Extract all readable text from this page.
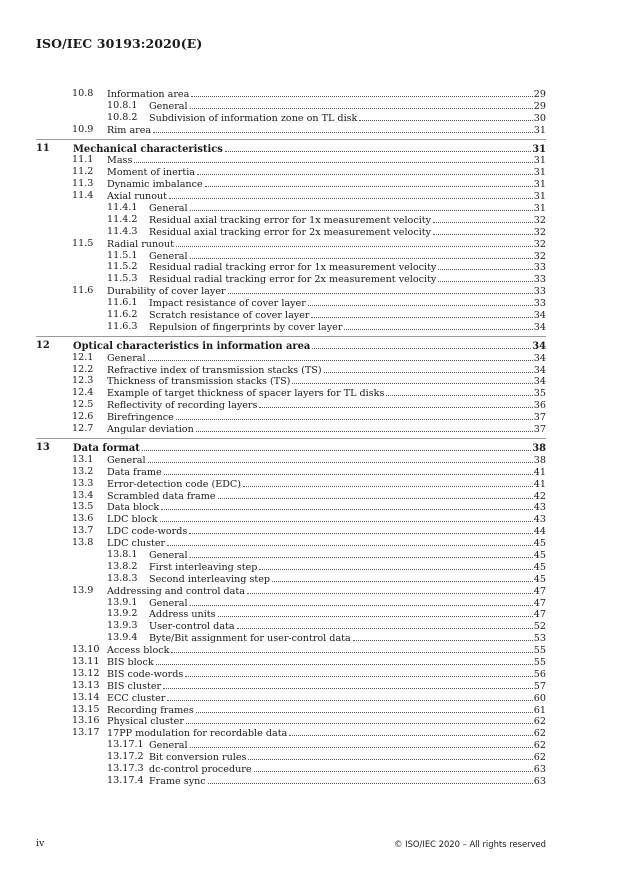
ISO/IEC 30193:2020(E)
10.8 Information area	29
10.8.1 General	29
10.8.2 Subdivision of information zone on TL disk	30
10.9 Rim area	31
11 Mechanical characteristics	31
11.1 Mass	31
11.2 Moment of inertia	31
11.3 Dynamic imbalance	31
11.4 Axial runout	31
11.4.1 General	31
11.4.2 Residual axial tracking error for 1x measurement velocity	32
11.4.3 Residual axial tracking error for 2x measurement velocity	32
11.5 Radial runout	32
11.5.1 General	32
11.5.2 Residual radial tracking error for 1x measurement velocity	33
11.5.3 Residual radial tracking error for 2x measurement velocity	33
11.6 Durability of cover layer	33
11.6.1 Impact resistance of cover layer	33
11.6.2 Scratch resistance of cover layer	34
11.6.3 Repulsion of fingerprints by cover layer	34
12 Optical characteristics in information area	34
12.1 General	34
12.2 Refractive index of transmission stacks (TS)	34
12.3 Thickness of transmission stacks (TS)	34
12.4 Example of target thickness of spacer layers for TL disks	35
12.5 Reflectivity of recording layers	36
12.6 Birefringence	37
12.7 Angular deviation	37
13 Data format	38
13.1 General	38
13.2 Data frame	41
13.3 Error-detection code (EDC)	41
13.4 Scrambled data frame	42
13.5 Data block	43
13.6 LDC block	43
13.7 LDC code-words	44
13.8 LDC cluster	45
13.8.1 General	45
13.8.2 First interleaving step	45
13.8.3 Second interleaving step	45
13.9 Addressing and control data	47
13.9.1 General	47
13.9.2 Address units	47
13.9.3 User-control data	52
13.9.4 Byte/Bit assignment for user-control data	53
13.10 Access block	55
13.11 BIS block	55
13.12 BIS code-words	56
13.13 BIS cluster	57
13.14 ECC cluster	60
13.15 Recording frames	61
13.16 Physical cluster	62
13.17 17PP modulation for recordable data	62
13.17.1 General	62
13.17.2 Bit conversion rules	62
13.17.3 dc-control procedure	63
13.17.4 Frame sync	63
iv	© ISO/IEC 2020 – All rights reserved
